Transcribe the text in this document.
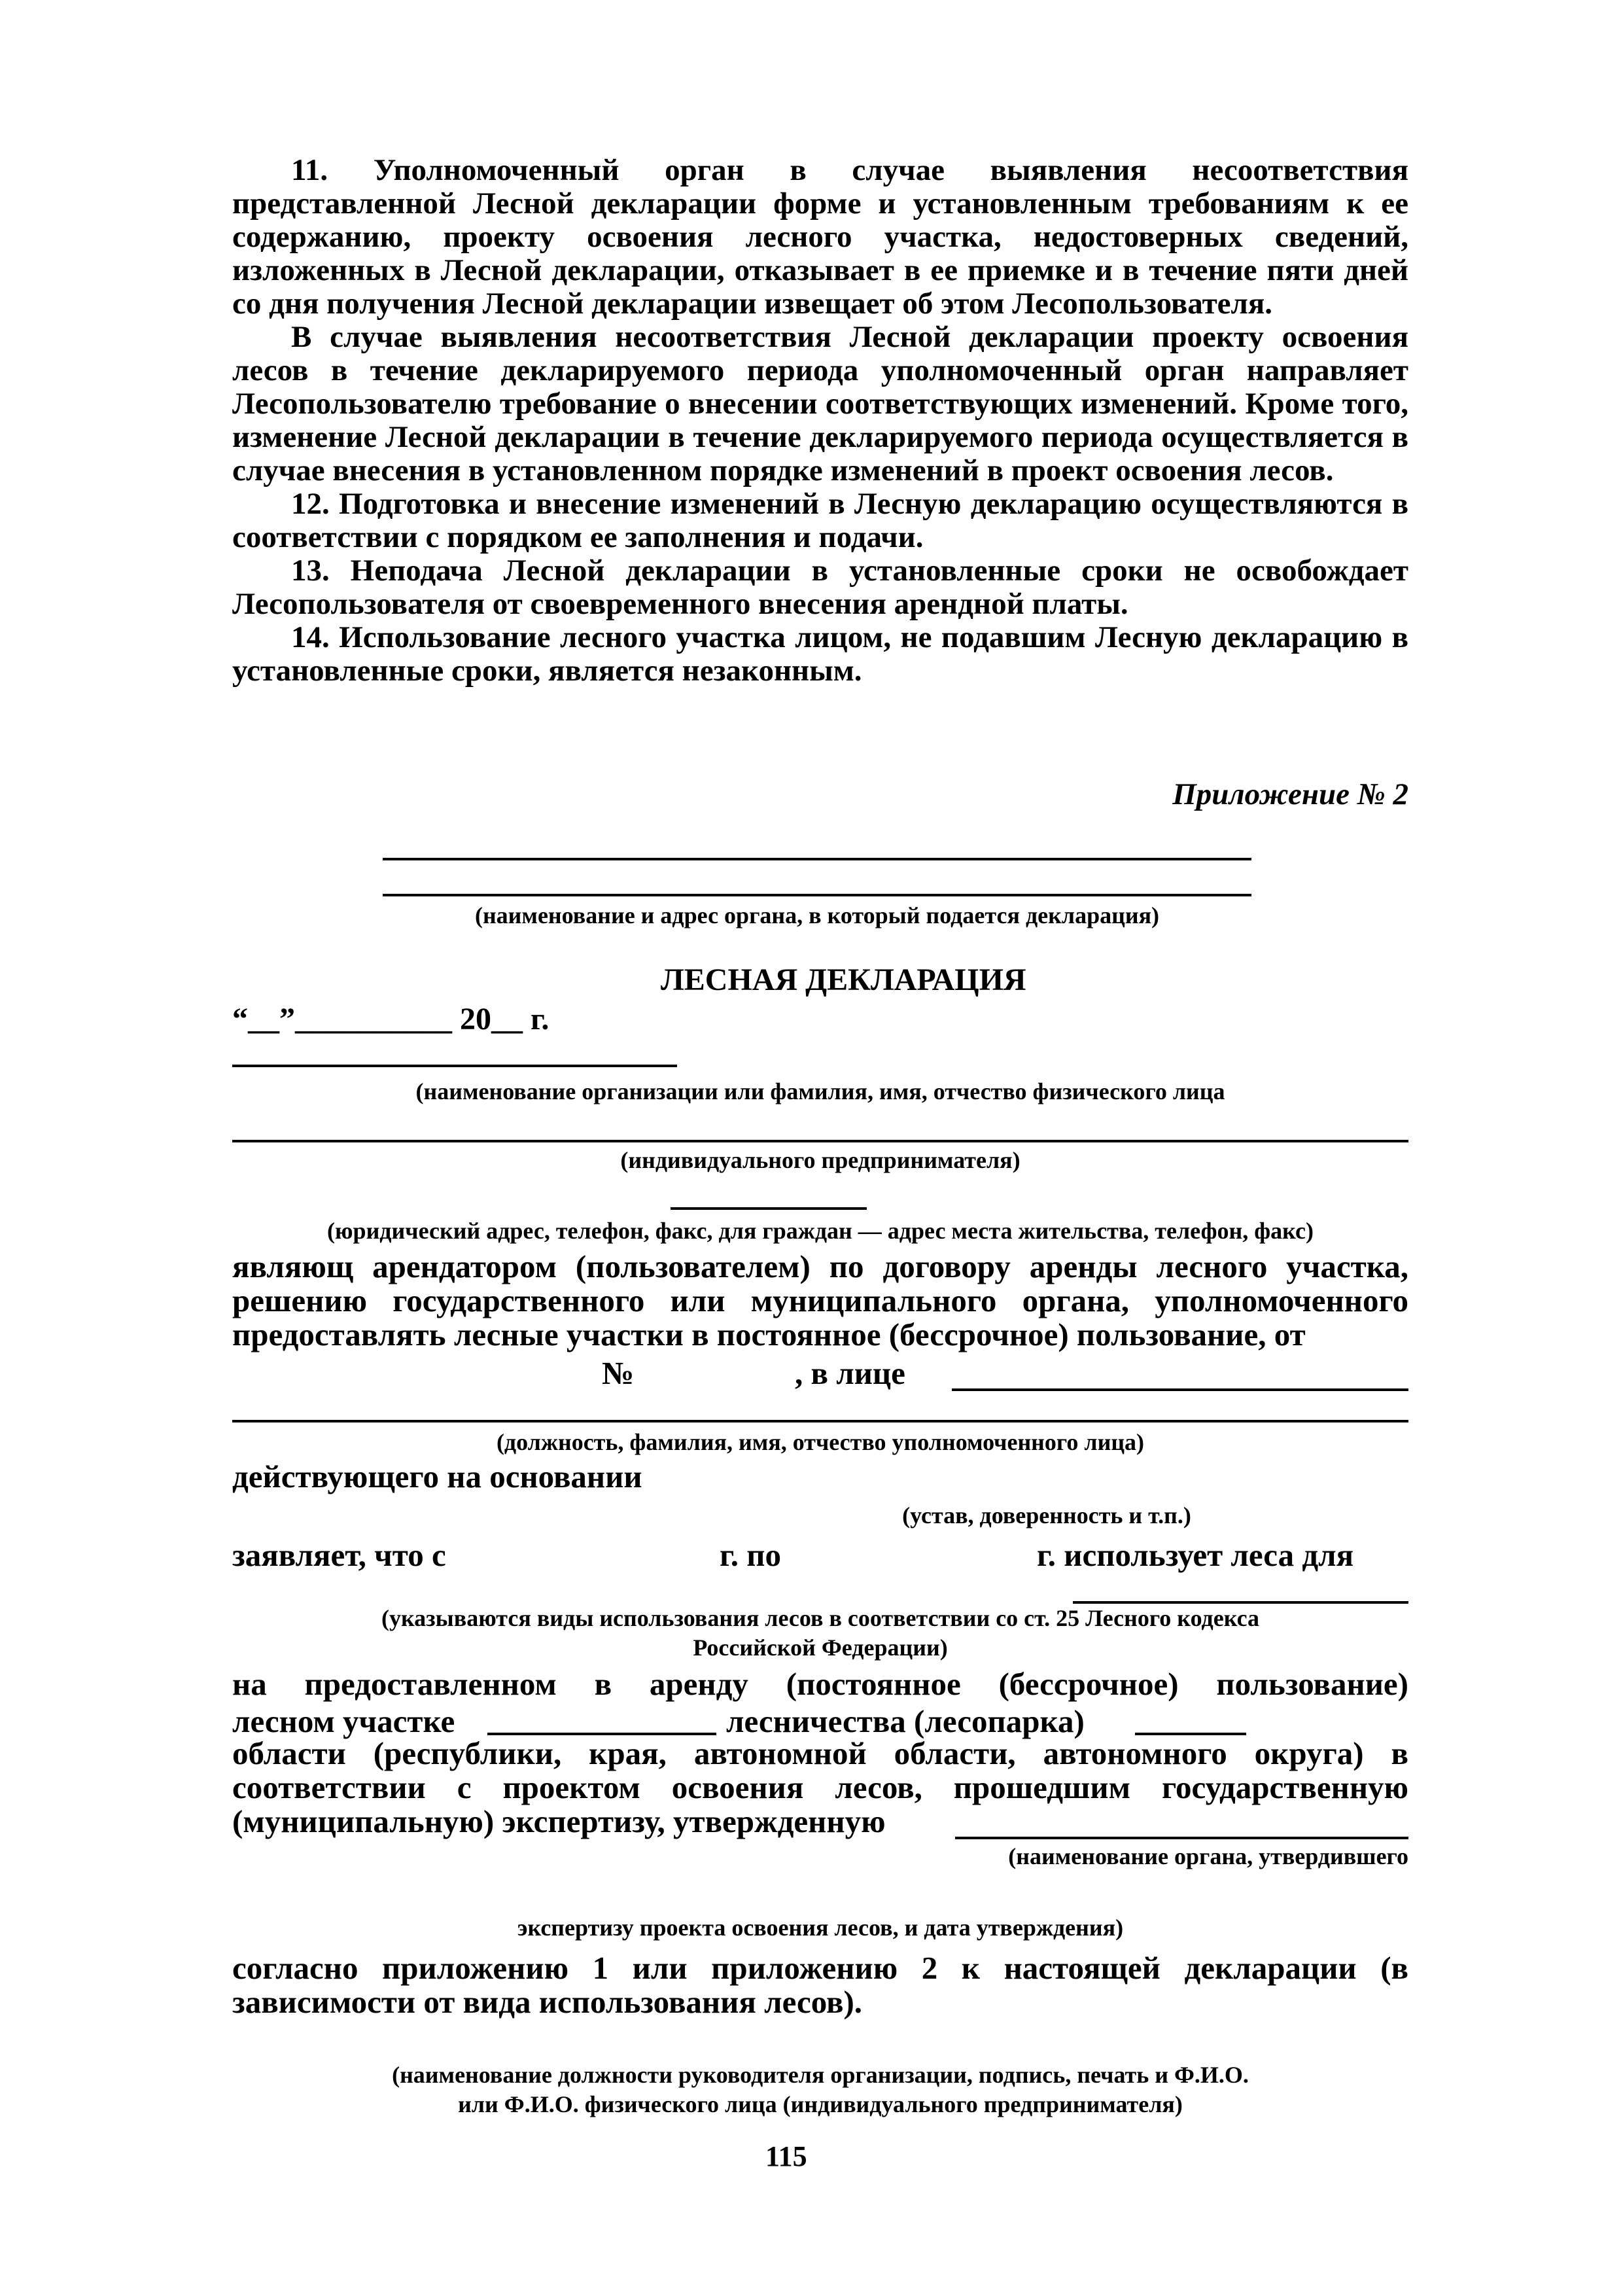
11. Уполномоченный орган в случае выявления несоответствия представленной Лесной декларации форме и установленным требованиям к ее содержанию, проекту освоения лесного участка, недостоверных сведений, изложенных в Лесной декларации, отказывает в ее приемке и в течение пяти дней со дня получения Лесной декларации извещает об этом Лесопользователя.

В случае выявления несоответствия Лесной декларации проекту освоения лесов в течение декларируемого периода уполномоченный орган направляет Лесопользователю требование о внесении соответствующих изменений. Кроме того, изменение Лесной декларации в течение декларируемого периода осуществляется в случае внесения в установленном порядке изменений в проект освоения лесов.

12. Подготовка и внесение изменений в Лесную декларацию осуществляются в соответствии с порядком ее заполнения и подачи.

13. Неподача Лесной декларации в установленные сроки не освобождает Лесопользователя от своевременного внесения арендной платы.

14. Использование лесного участка лицом, не подавшим Лесную декларацию в установленные сроки, является незаконным.

Приложение № 2
(наименование и адрес органа, в который подается декларация)
ЛЕСНАЯ ДЕКЛАРАЦИЯ
“__”__________ 20__ г.
(наименование организации или фамилия, имя, отчество физического лица
(индивидуального предпринимателя)
(юридический адрес, телефон, факс, для граждан — адрес места жительства, телефон, факс)
являющ арендатором (пользователем) по договору аренды лесного участка, решению государственного или муниципального органа, уполномоченного предоставлять лесные участки в постоянное (бессрочное) пользование, от
№	, в лице
(должность, фамилия, имя, отчество уполномоченного лица)
действующего на основании
(устав, доверенность и т.п.)
заявляет, что с	г. по	г. использует леса для
(указываются виды использования лесов в соответствии со ст. 25 Лесного кодекса
Российской Федерации)
на предоставленном в аренду (постоянное (бессрочное) пользование)
лесном участке	лесничества (лесопарка)
области (республики, края, автономной области, автономного округа) в соответствии с проектом освоения лесов, прошедшим государственную (муниципальную) экспертизу, утвержденную
(наименование органа, утвердившего
экспертизу проекта освоения лесов, и дата утверждения)
согласно приложению 1 или приложению 2 к настоящей декларации (в зависимости от вида использования лесов).
(наименование должности руководителя организации, подпись, печать и Ф.И.О.
или Ф.И.О. физического лица (индивидуального предпринимателя)
115
